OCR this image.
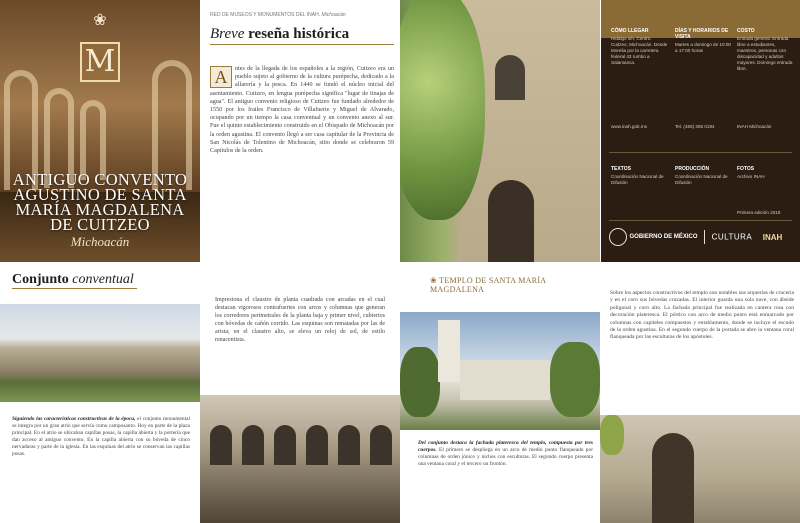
❀
M
ANTIGUO CONVENTO AGUSTINO DE SANTA MARÍA MAGDALENA DE CUITZEO
Michoacán
RED DE MUSEOS Y MONUMENTOS DEL INAH. Michoacán
Breve reseña histórica
A	ntes de la llegada de los españoles a la región, Cuitzeo era un pueblo sujeto al gobierno de la cultura purépecha, dedicado a la alfarería y la pesca. En 1440 se fundó el núcleo inicial del asentamiento. Cuitzeo, en lengua purépecha significa "lugar de tinajas de agua". El antiguo convento religioso de Cuitzeo fue fundado alrededor de 1550 por los frailes Francisco de Villafuerte y Miguel de Alvarado, ocupando por un tiempo la casa conventual y un convento anexo al sur. Fue el quinto establecimiento construido en el Obispado de Michoacán por la orden agustina. El convento llegó a ser casa capitular de la Provincia de San Nicolás de Tolentino de Michoacán, sitio donde se celebraron 59 Capítulos de la orden.
CÓMO LLEGAR
Hidalgo s/n, Centro. Cuitzeo, Michoacán. Desde Morelia por la carretera federal 43 rumbo a Salamanca.
DÍAS Y HORARIOS DE VISITA
Martes a domingo de 10:00 a 17:00 horas
COSTO
Entrada general. Entrada libre a estudiantes, maestros, personas con discapacidad y adultos mayores. Domingo entrada libre.
www.inah.gob.mx	Tel. (455) 355 0194	INAH Michoacán
TEXTOS
Coordinación Nacional de Difusión
PRODUCCIÓN
Coordinación Nacional de Difusión
FOTOS
Archivo INAH
Primera edición 2018
GOBIERNO DE MÉXICO CULTURA INAH
Conjunto conventual
Siguiendo las características constructivas de la época, el conjunto monumental se integra por un gran atrio que servía como camposanto. Hoy en parte de la plaza principal. En el atrio se ubicaban capillas posas, la capilla abierta y la portería que dan acceso al antiguo convento. En la capilla abierta con su bóveda de cinco nervaduras y parte de la iglesia. En las esquinas del atrio se conservan las capillas posas.
Impresiona el claustro de planta cuadrada con arcadas en el cual destacan vigorosos contrafuertes con arcos y columnas que generan los corredores perimetrales de la planta baja y primer nivel, cubiertos con bóvedas de cañón corrido. Las esquinas son rematadas por las de arista; en el claustro alto, se eleva un reloj de sol, de estilo renacentista.
❀ TEMPLO DE SANTA MARÍA MAGDALENA
Del conjunto destaca la fachada plateresca del templo, compuesta por tres cuerpos. El primero se despliega en un arco de medio punto flanqueado por columnas de orden jónico y nichos con esculturas. El segundo cuerpo presenta una ventana coral y el tercero un frontón.
Sobre los aspectos constructivos del templo son notables sus arquerías de crucería y en el coro sus bóvedas cruzadas. El interior guarda una sola nave, con ábside poligonal y coro alto. La fachada principal fue realizada en cantera rosa con decoración plateresca. El pórtico con arco de medio punto está enmarcado por columnas con capiteles compuestos y entablamento, donde se incluye el escudo de la orden agustina. En el segundo cuerpo de la portada se abre la ventana coral flanqueada por las esculturas de los apóstoles.
